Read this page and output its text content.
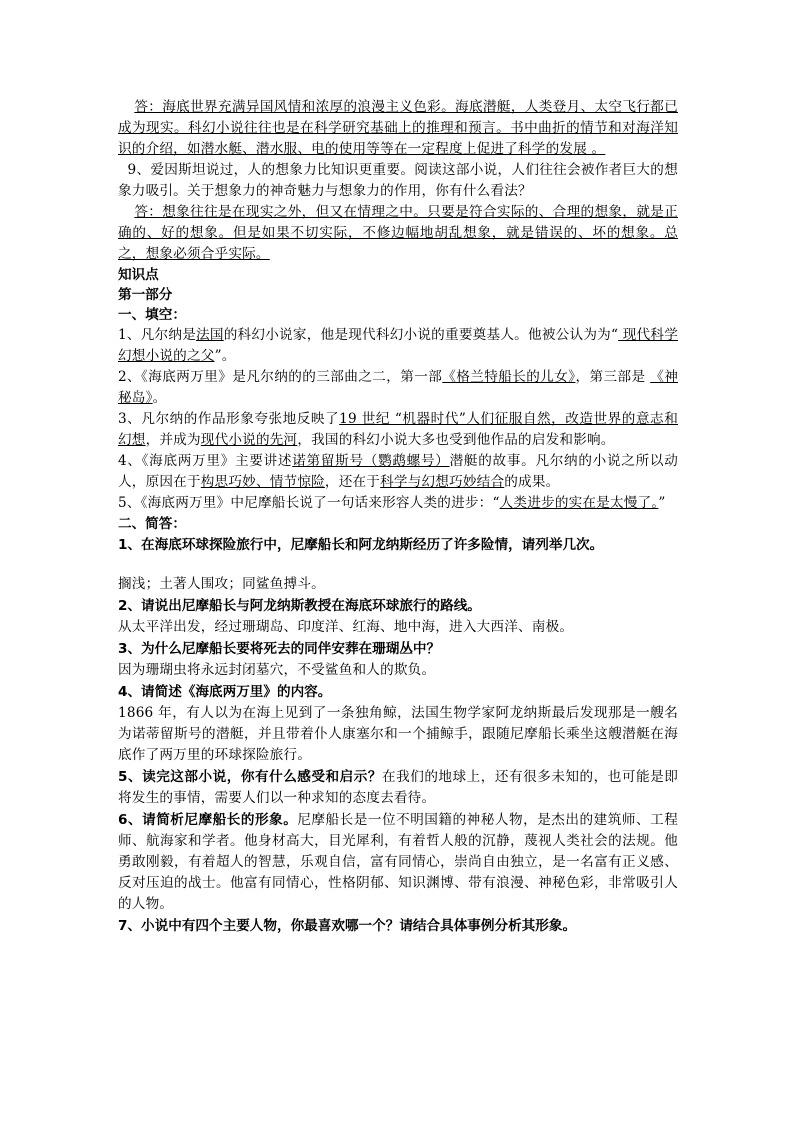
答：海底世界充满异国风情和浓厚的浪漫主义色彩。海底潜艇，人类登月、太空飞行都已成为现实。科幻小说往往也是在科学研究基础上的推理和预言。书中曲折的情节和对海洋知识的介绍，如潜水艇、潜水服、电的使用等等在一定程度上促进了科学的发展 。

9、爱因斯坦说过，人的想象力比知识更重要。阅读这部小说，人们往往会被作者巨大的想象力吸引。关于想象力的神奇魅力与想象力的作用，你有什么看法？

答：想象往往是在现实之外，但又在情理之中。只要是符合实际的、合理的想象，就是正确的、好的想象。但是如果不切实际，不修边幅地胡乱想象，就是错误的、坏的想象。总之，想象必须合乎实际。

知识点

第一部分

一、填空：

1、凡尔纳是法国的科幻小说家，他是现代科幻小说的重要奠基人。他被公认为为“ 现代科学幻想小说的之父”。

2、《海底两万里》是凡尔纳的的三部曲之二，第一部《格兰特船长的儿女》，第三部是 《神秘岛》。

3、凡尔纳的作品形象夸张地反映了19 世纪 “机器时代”人们征服自然，改造世界的意志和幻想，并成为现代小说的先河，我国的科幻小说大多也受到他作品的启发和影响。

4、《海底两万里》主要讲述诺第留斯号（鹦鹉螺号）潜艇的故事。凡尔纳的小说之所以动人，原因在于构思巧妙、情节惊险，还在于科学与幻想巧妙结合的成果。

5、《海底两万里》中尼摩船长说了一句话来形容人类的进步：“人类进步的实在是太慢了。”

二、简答：

1、在海底环球探险旅行中，尼摩船长和阿龙纳斯经历了许多险情，请列举几次。

搁浅；土著人围攻；同鲨鱼搏斗。

2、请说出尼摩船长与阿龙纳斯教授在海底环球旅行的路线。

从太平洋出发，经过珊瑚岛、印度洋、红海、地中海，进入大西洋、南极。

3、为什么尼摩船长要将死去的同伴安葬在珊瑚丛中？

因为珊瑚虫将永远封闭墓穴，不受鲨鱼和人的欺负。

4、请简述《海底两万里》的内容。

1866 年，有人以为在海上见到了一条独角鲸，法国生物学家阿龙纳斯最后发现那是一艘名为诺蒂留斯号的潜艇，并且带着仆人康塞尔和一个捕鲸手，跟随尼摩船长乘坐这艘潜艇在海底作了两万里的环球探险旅行。

5、读完这部小说，你有什么感受和启示？在我们的地球上，还有很多未知的，也可能是即将发生的事情，需要人们以一种求知的态度去看待。

6、请简析尼摩船长的形象。尼摩船长是一位不明国籍的神秘人物，是杰出的建筑师、工程师、航海家和学者。他身材高大，目光犀利，有着哲人般的沉静，蔑视人类社会的法规。他勇敢刚毅，有着超人的智慧，乐观自信，富有同情心，崇尚自由独立，是一名富有正义感、反对压迫的战士。他富有同情心，性格阴郁、知识渊博、带有浪漫、神秘色彩，非常吸引人的人物。

7、小说中有四个主要人物，你最喜欢哪一个？请结合具体事例分析其形象。
